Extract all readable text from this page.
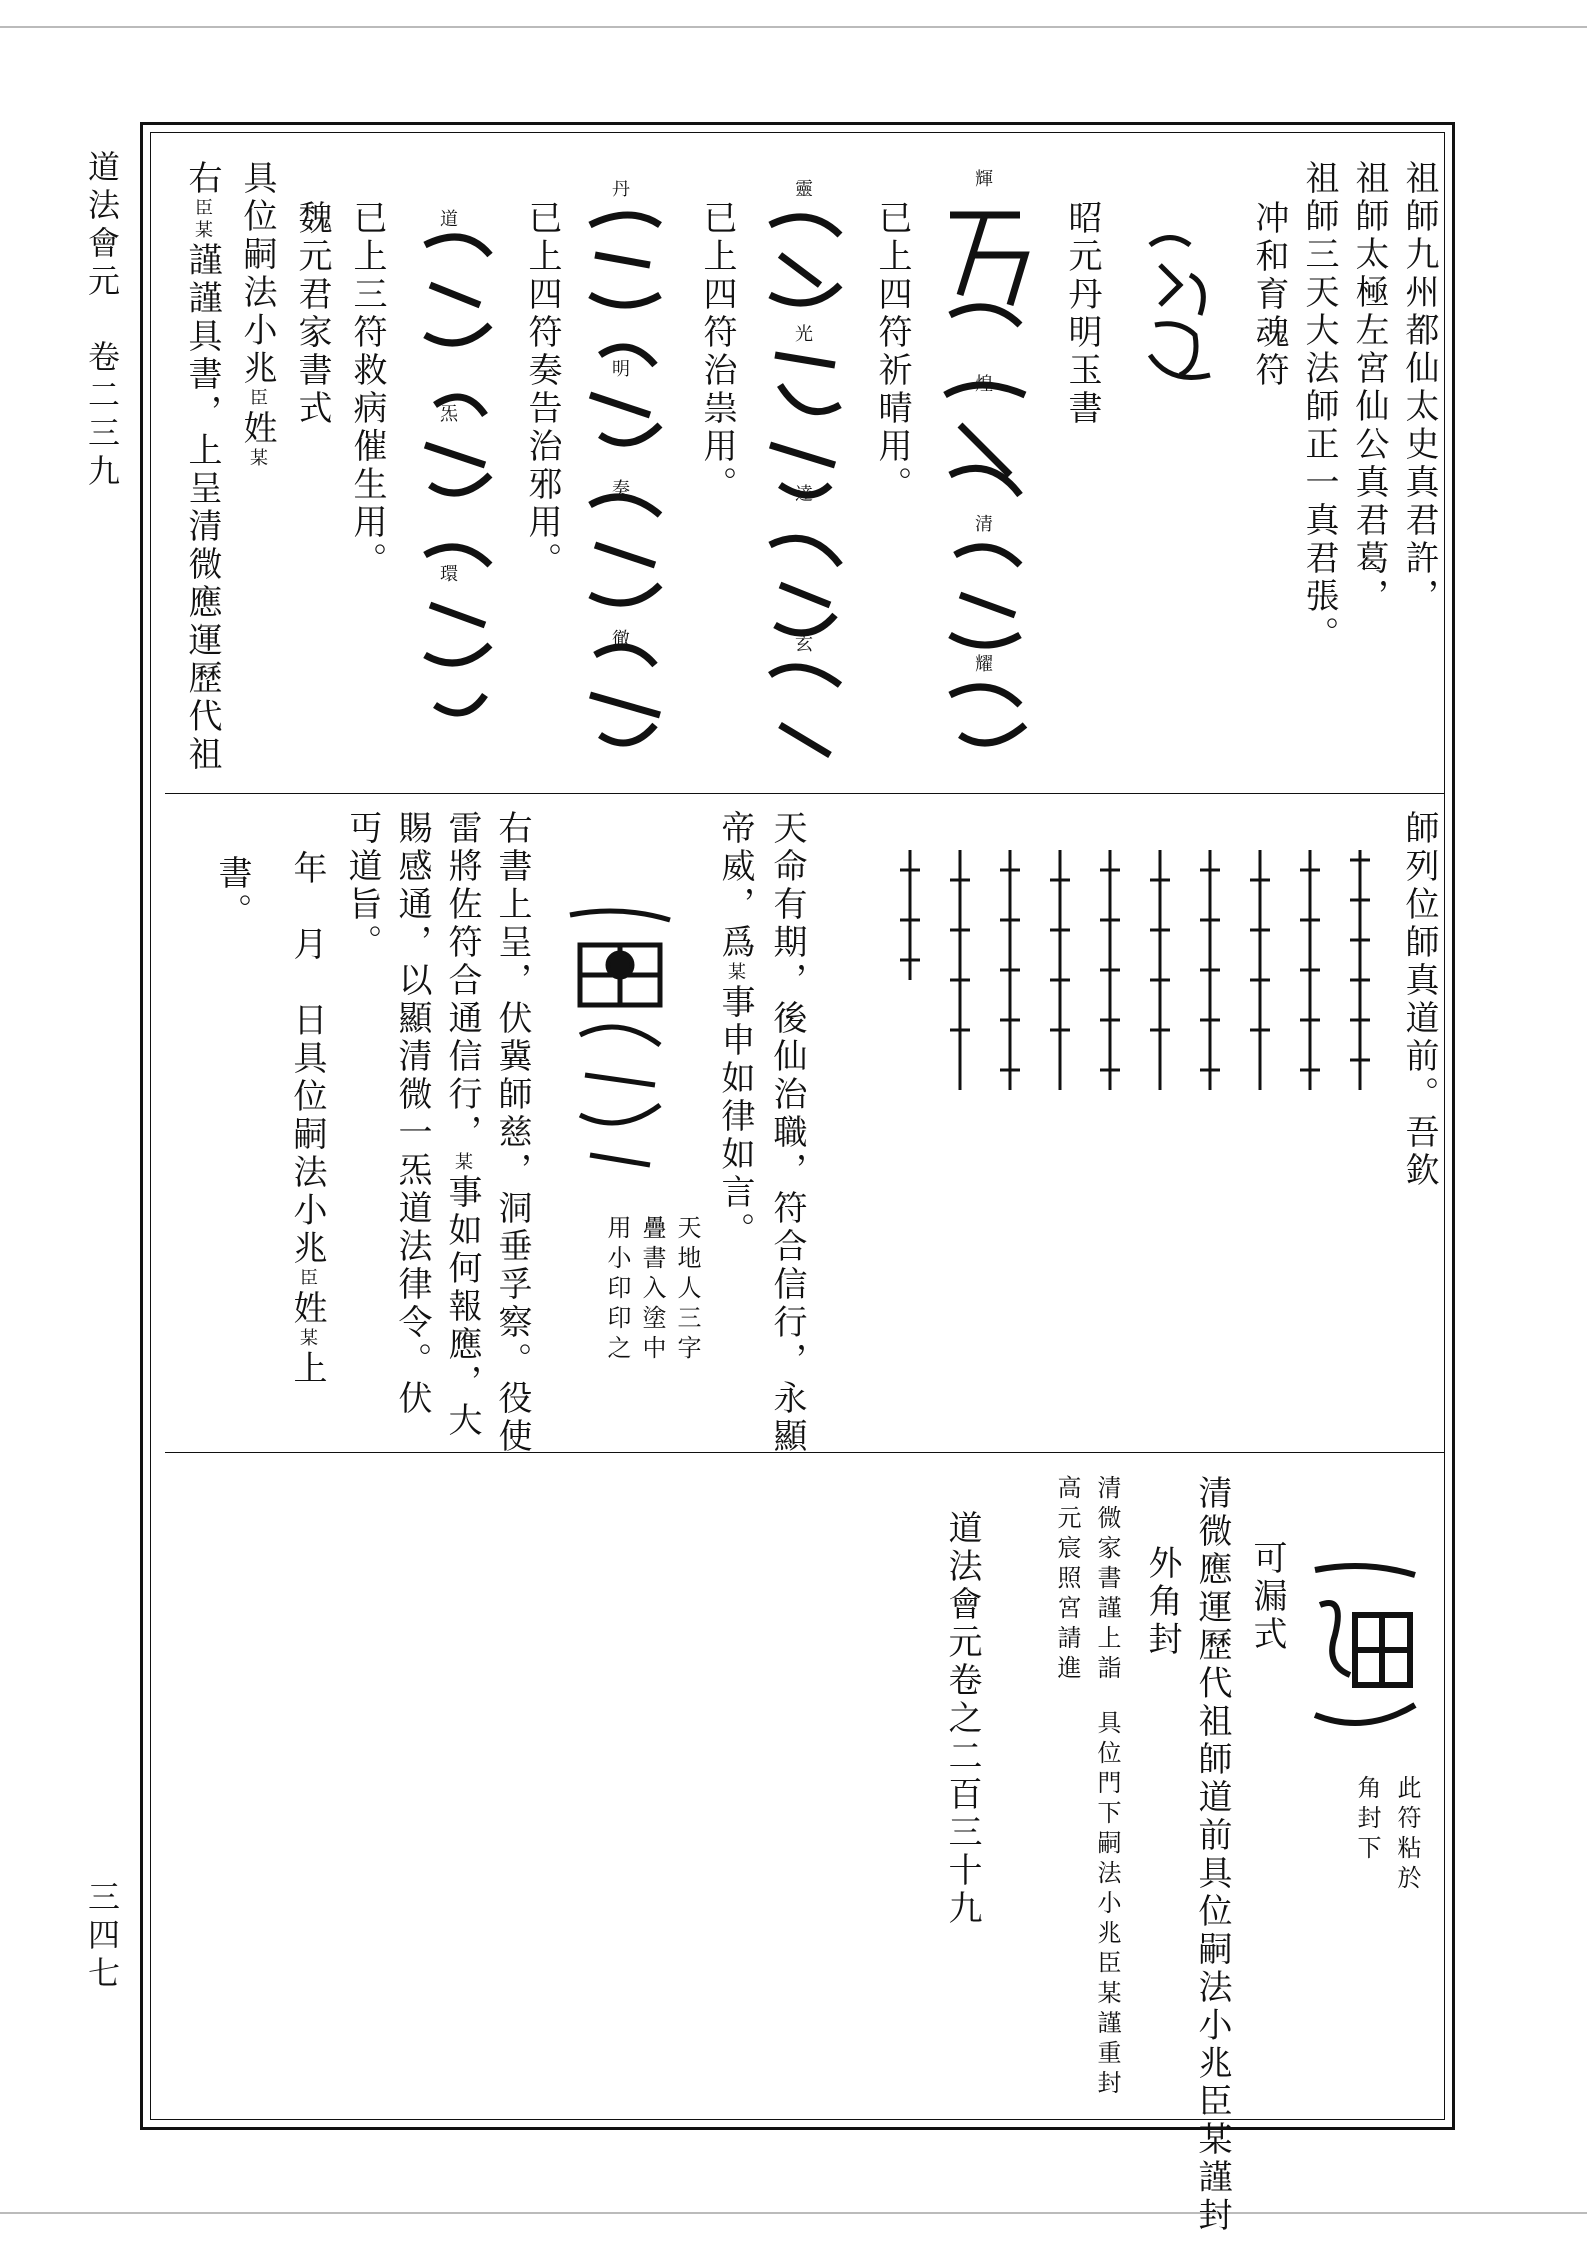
道法會元　卷二三九
三四七
祖師九州都仙太史真君許，
祖師太極左宮仙公真君葛，
祖師三天大法師正一真君張。
冲和育魂符
昭元丹明玉書
輝
煌
清
耀
已上四符祈晴用。
靈
光
達
玄
已上四符治祟用。
丹
明
奏
徹
已上四符奏告治邪用。
道
炁
環
已上三符救病催生用。
魏元君家書式
具位嗣法小兆臣姓某
右臣某謹謹具書，上呈清微應運歷代祖
師列位師真道前。吾欽
天命有期，後仙治職，符合信行，永顯
帝威，爲某事申如律如言。
天地人三字
疊書入塗中
用小印印之
右書上呈，伏冀師慈，洞垂孚察。役使
雷將佐符合通信行，某事如何報應，大
賜感通，以顯清微一炁道法律令。伏
丏道旨。
年　月　日具位嗣法小兆臣姓某上
書。
此符粘於
角封下
可漏式
清微應運歷代祖師道前具位嗣法小兆臣某謹封
外角封
清微家書謹上詣
具位門下嗣法小兆臣某謹重封
高元宸照宮請進
道法會元卷之二百三十九
